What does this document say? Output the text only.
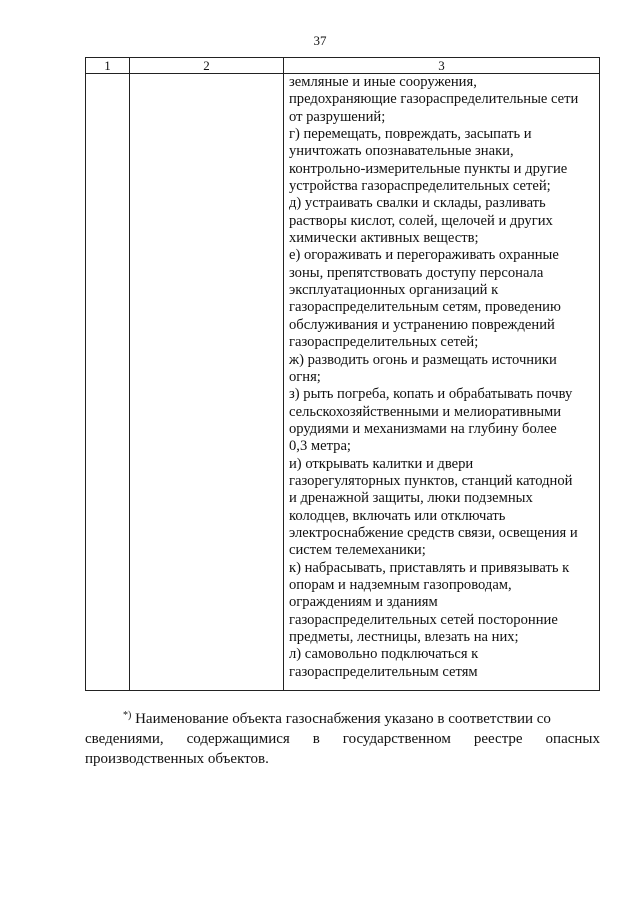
37
1	2	3
земляные и иные сооружения,
предохраняющие газораспределительные сети
от разрушений;
г) перемещать, повреждать, засыпать и
уничтожать опознавательные знаки,
контрольно-измерительные пункты и другие
устройства газораспределительных сетей;
д) устраивать свалки и склады, разливать
растворы кислот, солей, щелочей и других
химически активных веществ;
е) огораживать и перегораживать охранные
зоны, препятствовать доступу персонала
эксплуатационных организаций к
газораспределительным сетям, проведению
обслуживания и устранению повреждений
газораспределительных сетей;
ж) разводить огонь и размещать источники
огня;
з) рыть погреба, копать и обрабатывать почву
сельскохозяйственными и мелиоративными
орудиями и механизмами на глубину более
0,3 метра;
и) открывать калитки и двери
газорегуляторных пунктов, станций катодной
и дренажной защиты, люки подземных
колодцев, включать или отключать
электроснабжение средств связи, освещения и
систем телемеханики;
к) набрасывать, приставлять и привязывать к
опорам и надземным газопроводам,
ограждениям и зданиям
газораспределительных сетей посторонние
предметы, лестницы, влезать на них;
л) самовольно подключаться к
газораспределительным сетям
*) Наименование объекта газоснабжения указано в соответствии со
сведениями, содержащимися в государственном реестре опасных
производственных объектов.
